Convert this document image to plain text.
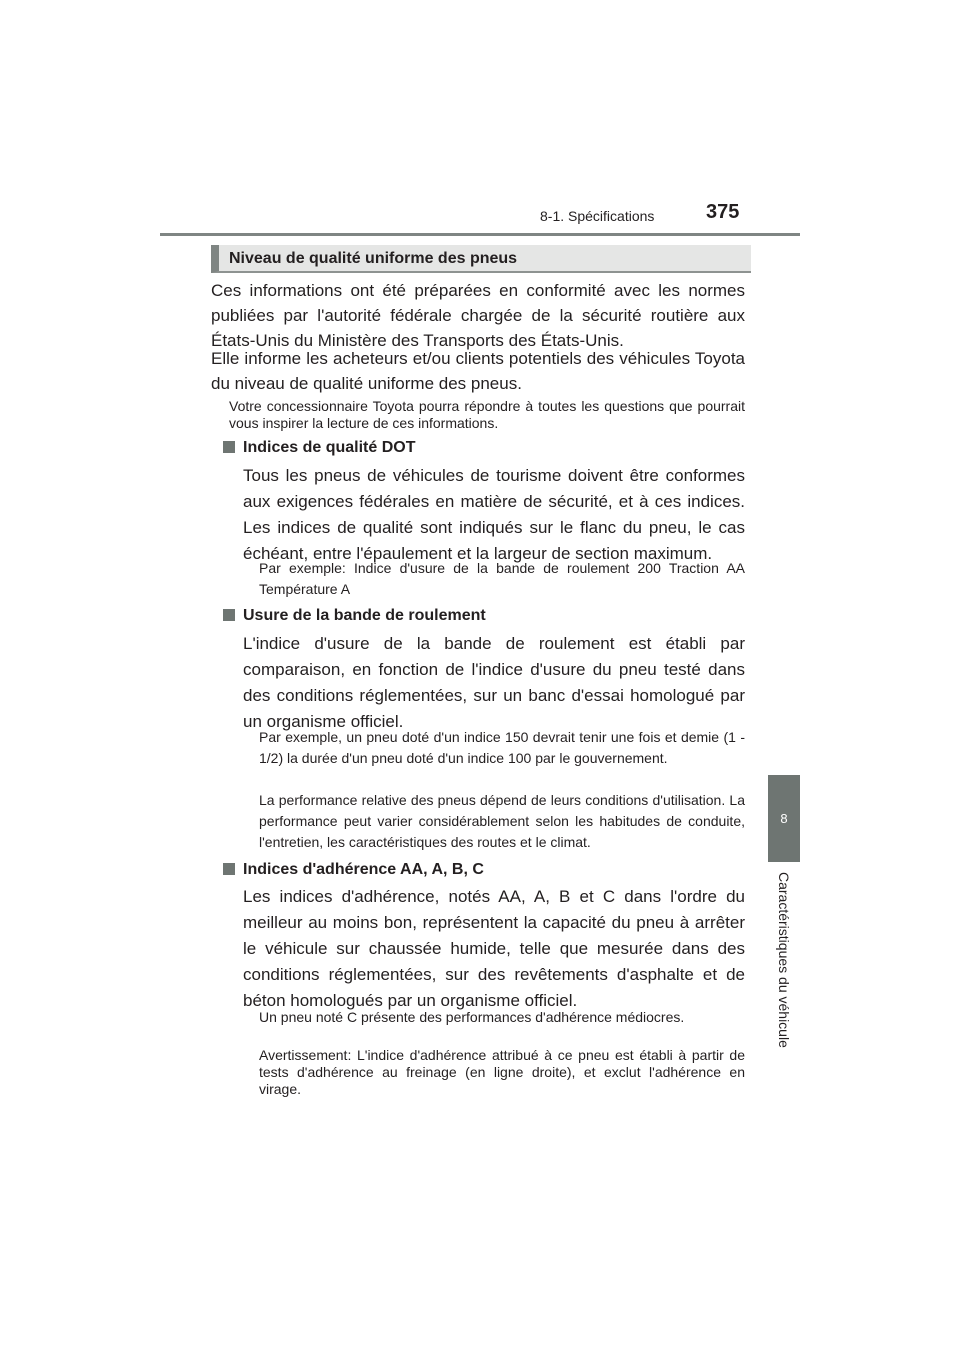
8-1. Spécifications	375
8
Caractéristiques du véhicule
Niveau de qualité uniforme des pneus

Ces informations ont été préparées en conformité avec les normes publiées par l'autorité fédérale chargée de la sécurité routière aux États-Unis du Ministère des Transports des États-Unis.

Elle informe les acheteurs et/ou clients potentiels des véhicules Toyota du niveau de qualité uniforme des pneus.

Votre concessionnaire Toyota pourra répondre à toutes les questions que pourrait vous inspirer la lecture de ces informations.

Indices de qualité DOT

Tous les pneus de véhicules de tourisme doivent être conformes aux exigences fédérales en matière de sécurité, et à ces indices. Les indices de qualité sont indiqués sur le flanc du pneu, le cas échéant, entre l'épaulement et la largeur de section maximum.

Par exemple: Indice d'usure de la bande de roulement 200 Traction AA Température A

Usure de la bande de roulement

L'indice d'usure de la bande de roulement est établi par comparaison, en fonction de l'indice d'usure du pneu testé dans des conditions réglementées, sur un banc d'essai homologué par un organisme officiel.

Par exemple, un pneu doté d'un indice 150 devrait tenir une fois et demie (1 - 1/2) la durée d'un pneu doté d'un indice 100 par le gouvernement.

La performance relative des pneus dépend de leurs conditions d'utilisation. La performance peut varier considérablement selon les habitudes de conduite, l'entretien, les caractéristiques des routes et le climat.

Indices d'adhérence AA, A, B, C

Les indices d'adhérence, notés AA, A, B et C dans l'ordre du meilleur au moins bon, représentent la capacité du pneu à arrêter le véhicule sur chaussée humide, telle que mesurée dans des conditions réglementées, sur des revêtements d'asphalte et de béton homologués par un organisme officiel.

Un pneu noté C présente des performances d'adhérence médiocres.

Avertissement: L'indice d'adhérence attribué à ce pneu est établi à partir de tests d'adhérence au freinage (en ligne droite), et exclut l'adhérence en virage.
